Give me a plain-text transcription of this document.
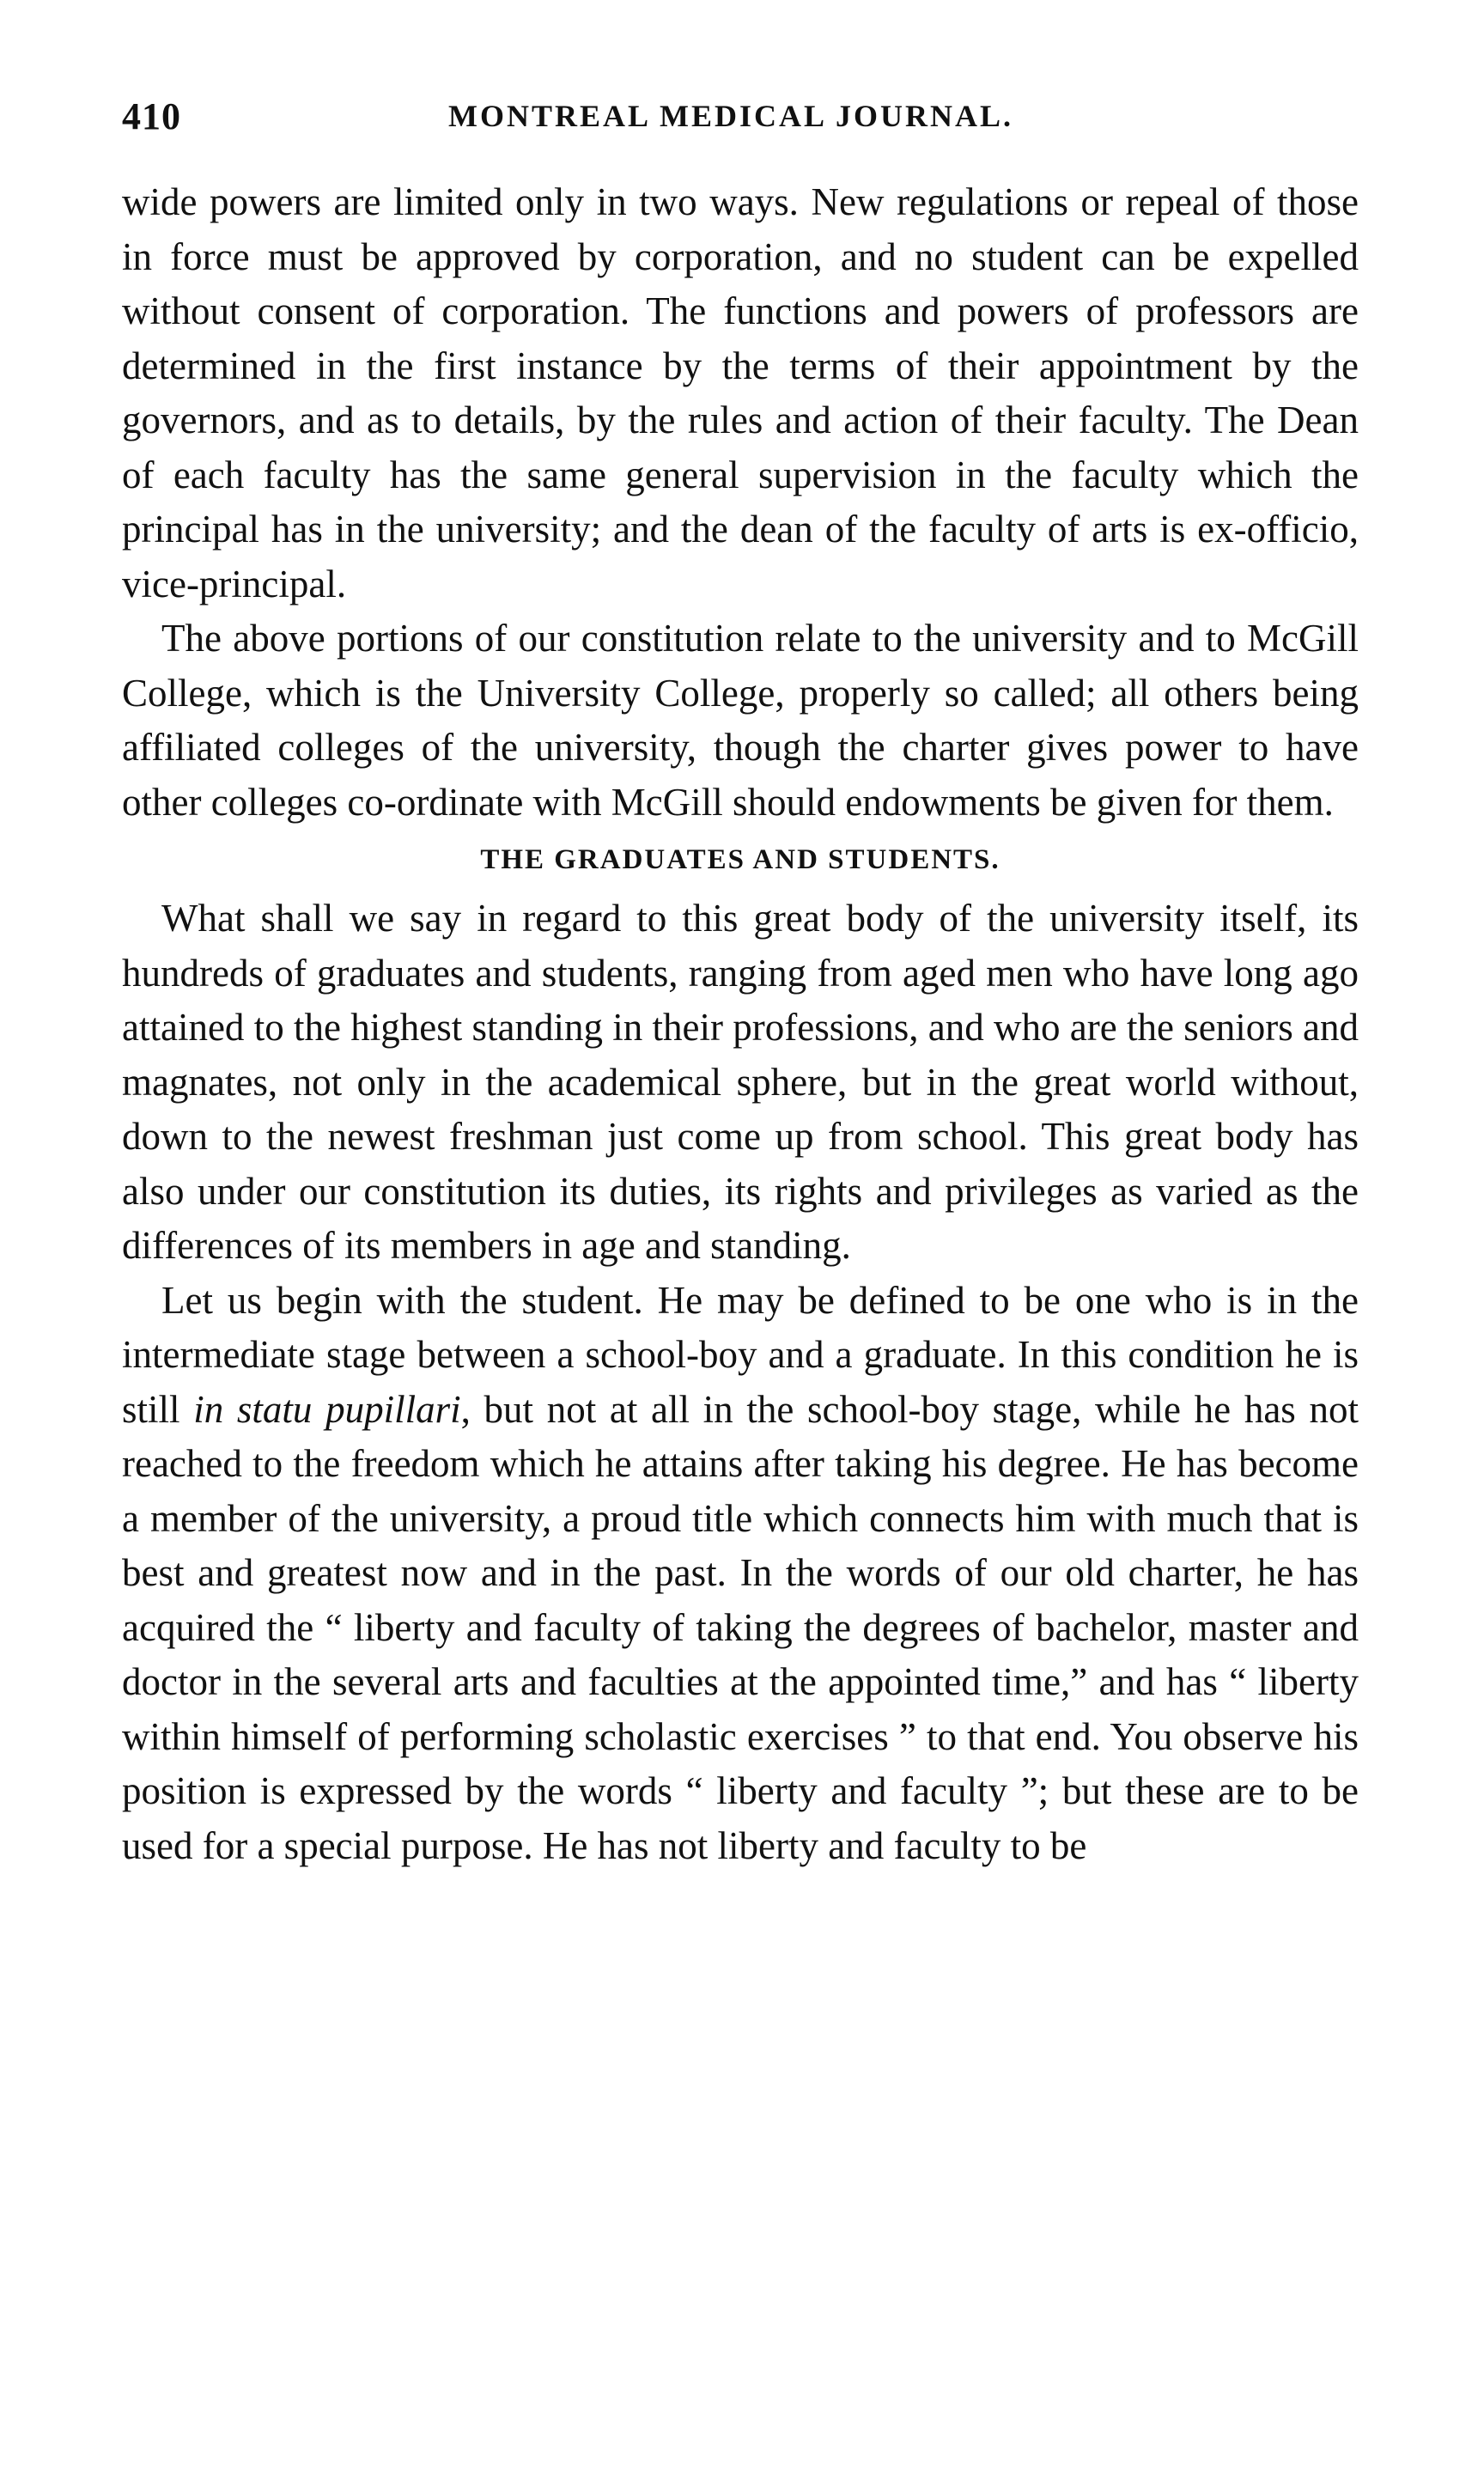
410	MONTREAL MEDICAL JOURNAL.

wide powers are limited only in two ways. New regulations or repeal of those in force must be approved by corporation, and no student can be expelled without consent of corporation. The functions and powers of professors are determined in the first instance by the terms of their appointment by the governors, and as to details, by the rules and action of their faculty. The Dean of each faculty has the same general supervision in the faculty which the principal has in the university; and the dean of the faculty of arts is ex-officio, vice-principal.

The above portions of our constitution relate to the university and to McGill College, which is the University College, properly so called; all others being affiliated colleges of the university, though the charter gives power to have other colleges co-ordinate with McGill should endowments be given for them.

THE GRADUATES AND STUDENTS.

What shall we say in regard to this great body of the university itself, its hundreds of graduates and students, ranging from aged men who have long ago attained to the highest standing in their professions, and who are the seniors and magnates, not only in the academical sphere, but in the great world without, down to the newest freshman just come up from school. This great body has also under our constitution its duties, its rights and privileges as varied as the differences of its members in age and standing.

Let us begin with the student. He may be defined to be one who is in the intermediate stage between a school-boy and a graduate. In this condition he is still in statu pupillari, but not at all in the school-boy stage, while he has not reached to the freedom which he attains after taking his degree. He has become a member of the university, a proud title which connects him with much that is best and greatest now and in the past. In the words of our old charter, he has acquired the “ liberty and faculty of taking the degrees of bachelor, master and doctor in the several arts and faculties at the appointed time,” and has “ liberty within himself of performing scholastic exercises ” to that end. You observe his position is expressed by the words “ liberty and faculty ”; but these are to be used for a special purpose. He has not liberty and faculty to be
